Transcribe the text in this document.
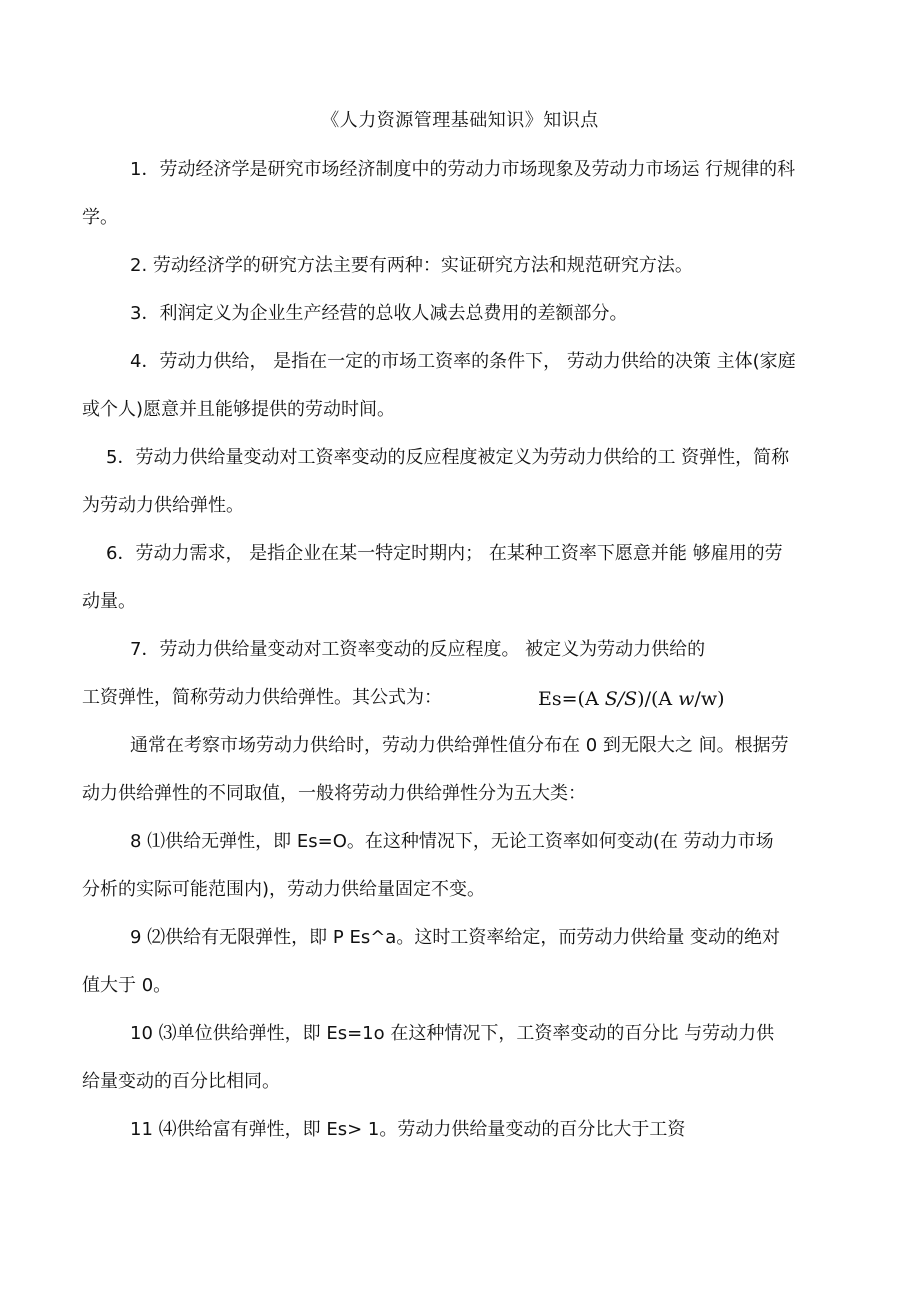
《人力资源管理基础知识》知识点
1．劳动经济学是研究市场经济制度中的劳动力市场现象及劳动力市场运 行规律的科
学。
2. 劳动经济学的研究方法主要有两种：实证研究方法和规范研究方法。
3．利润定义为企业生产经营的总收人减去总费用的差额部分。
4．劳动力供给， 是指在一定的市场工资率的条件下， 劳动力供给的决策 主体(家庭
或个人)愿意并且能够提供的劳动时间。
5．劳动力供给量变动对工资率变动的反应程度被定义为劳动力供给的工 资弹性，简称
为劳动力供给弹性。
6．劳动力需求， 是指企业在某一特定时期内； 在某种工资率下愿意并能 够雇用的劳
动量。
7．劳动力供给量变动对工资率变动的反应程度。 被定义为劳动力供给的
工资弹性，简称劳动力供给弹性。其公式为：	Es=(A S/S)/(A w/w)
通常在考察市场劳动力供给时，劳动力供给弹性值分布在 0 到无限大之 间。根据劳
动力供给弹性的不同取值，一般将劳动力供给弹性分为五大类：
8 ⑴供给无弹性，即 Es=O。在这种情况下，无论工资率如何变动(在 劳动力市场
分析的实际可能范围内)，劳动力供给量固定不变。
9 ⑵供给有无限弹性，即 P Es^a。这时工资率给定，而劳动力供给量 变动的绝对
值大于 0。
10 ⑶单位供给弹性，即 Es=1o 在这种情况下，工资率变动的百分比 与劳动力供
给量变动的百分比相同。
11 ⑷供给富有弹性，即 Es> 1。劳动力供给量变动的百分比大于工资
